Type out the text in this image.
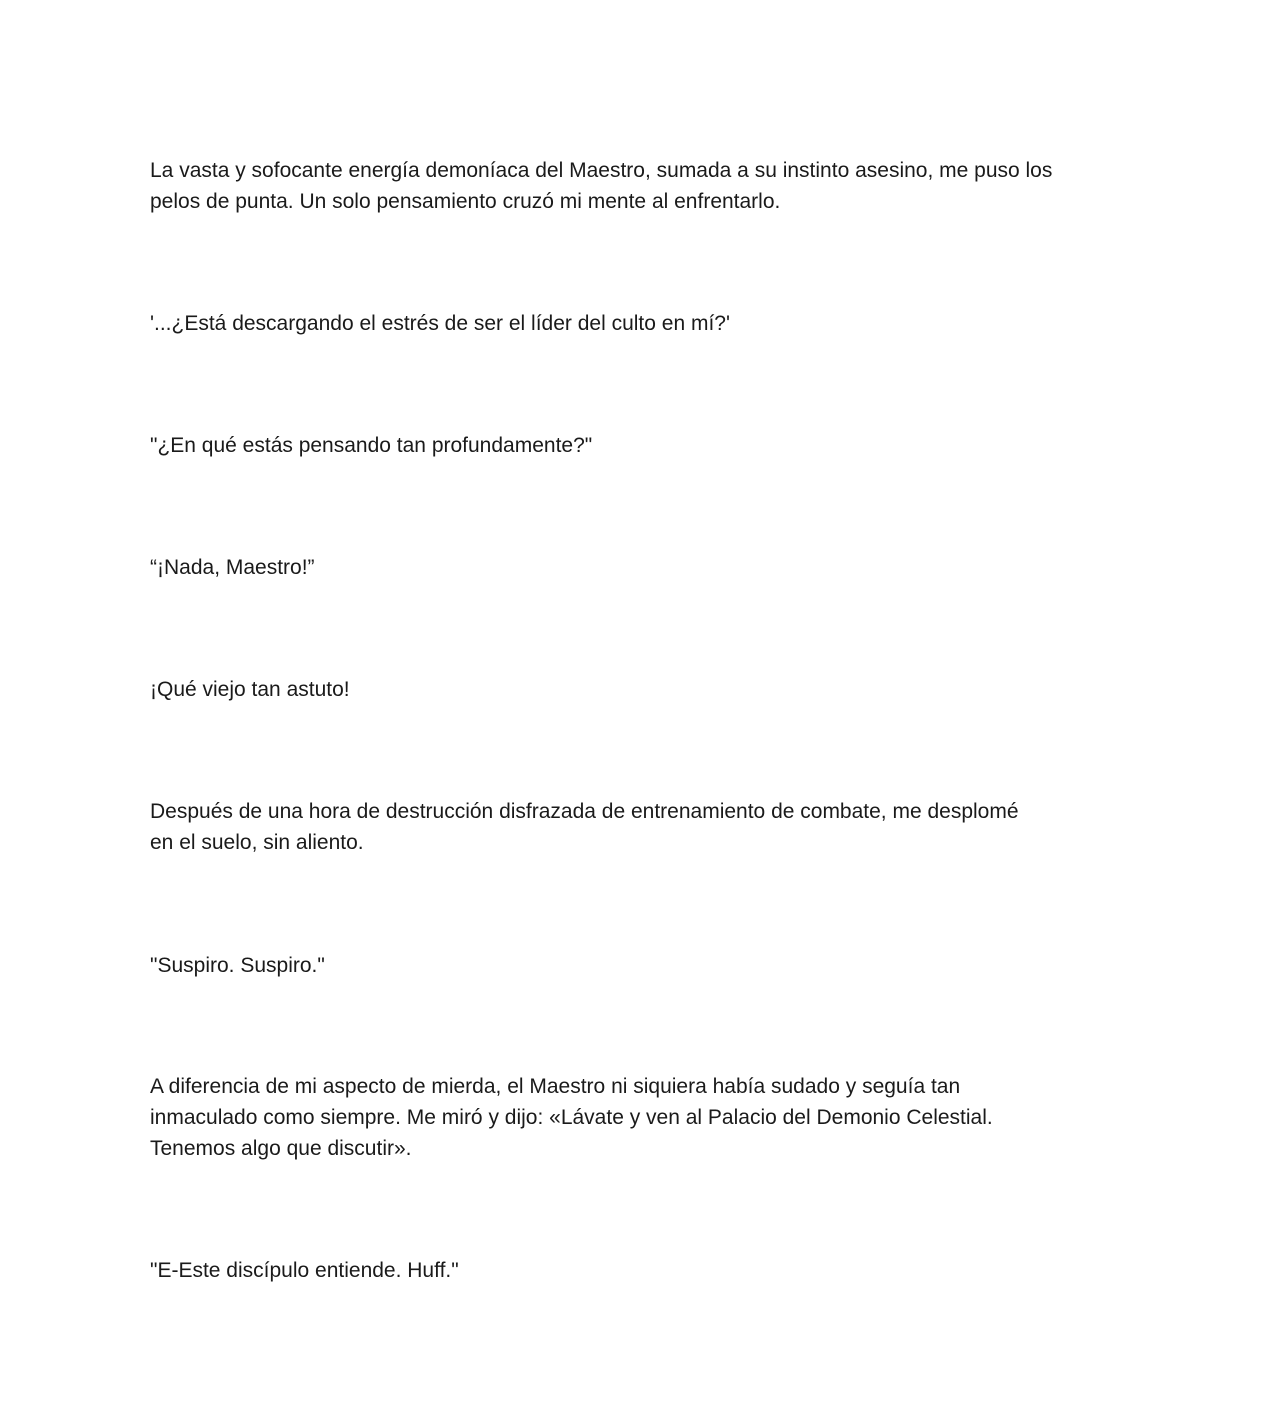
La vasta y sofocante energía demoníaca del Maestro, sumada a su instinto asesino, me puso los
pelos de punta. Un solo pensamiento cruzó mi mente al enfrentarlo.

'...¿Está descargando el estrés de ser el líder del culto en mí?'

"¿En qué estás pensando tan profundamente?"

“¡Nada, Maestro!”

¡Qué viejo tan astuto!

Después de una hora de destrucción disfrazada de entrenamiento de combate, me desplomé
en el suelo, sin aliento.

"Suspiro. Suspiro."

A diferencia de mi aspecto de mierda, el Maestro ni siquiera había sudado y seguía tan
inmaculado como siempre. Me miró y dijo: «Lávate y ven al Palacio del Demonio Celestial.
Tenemos algo que discutir».

"E-Este discípulo entiende. Huff."
